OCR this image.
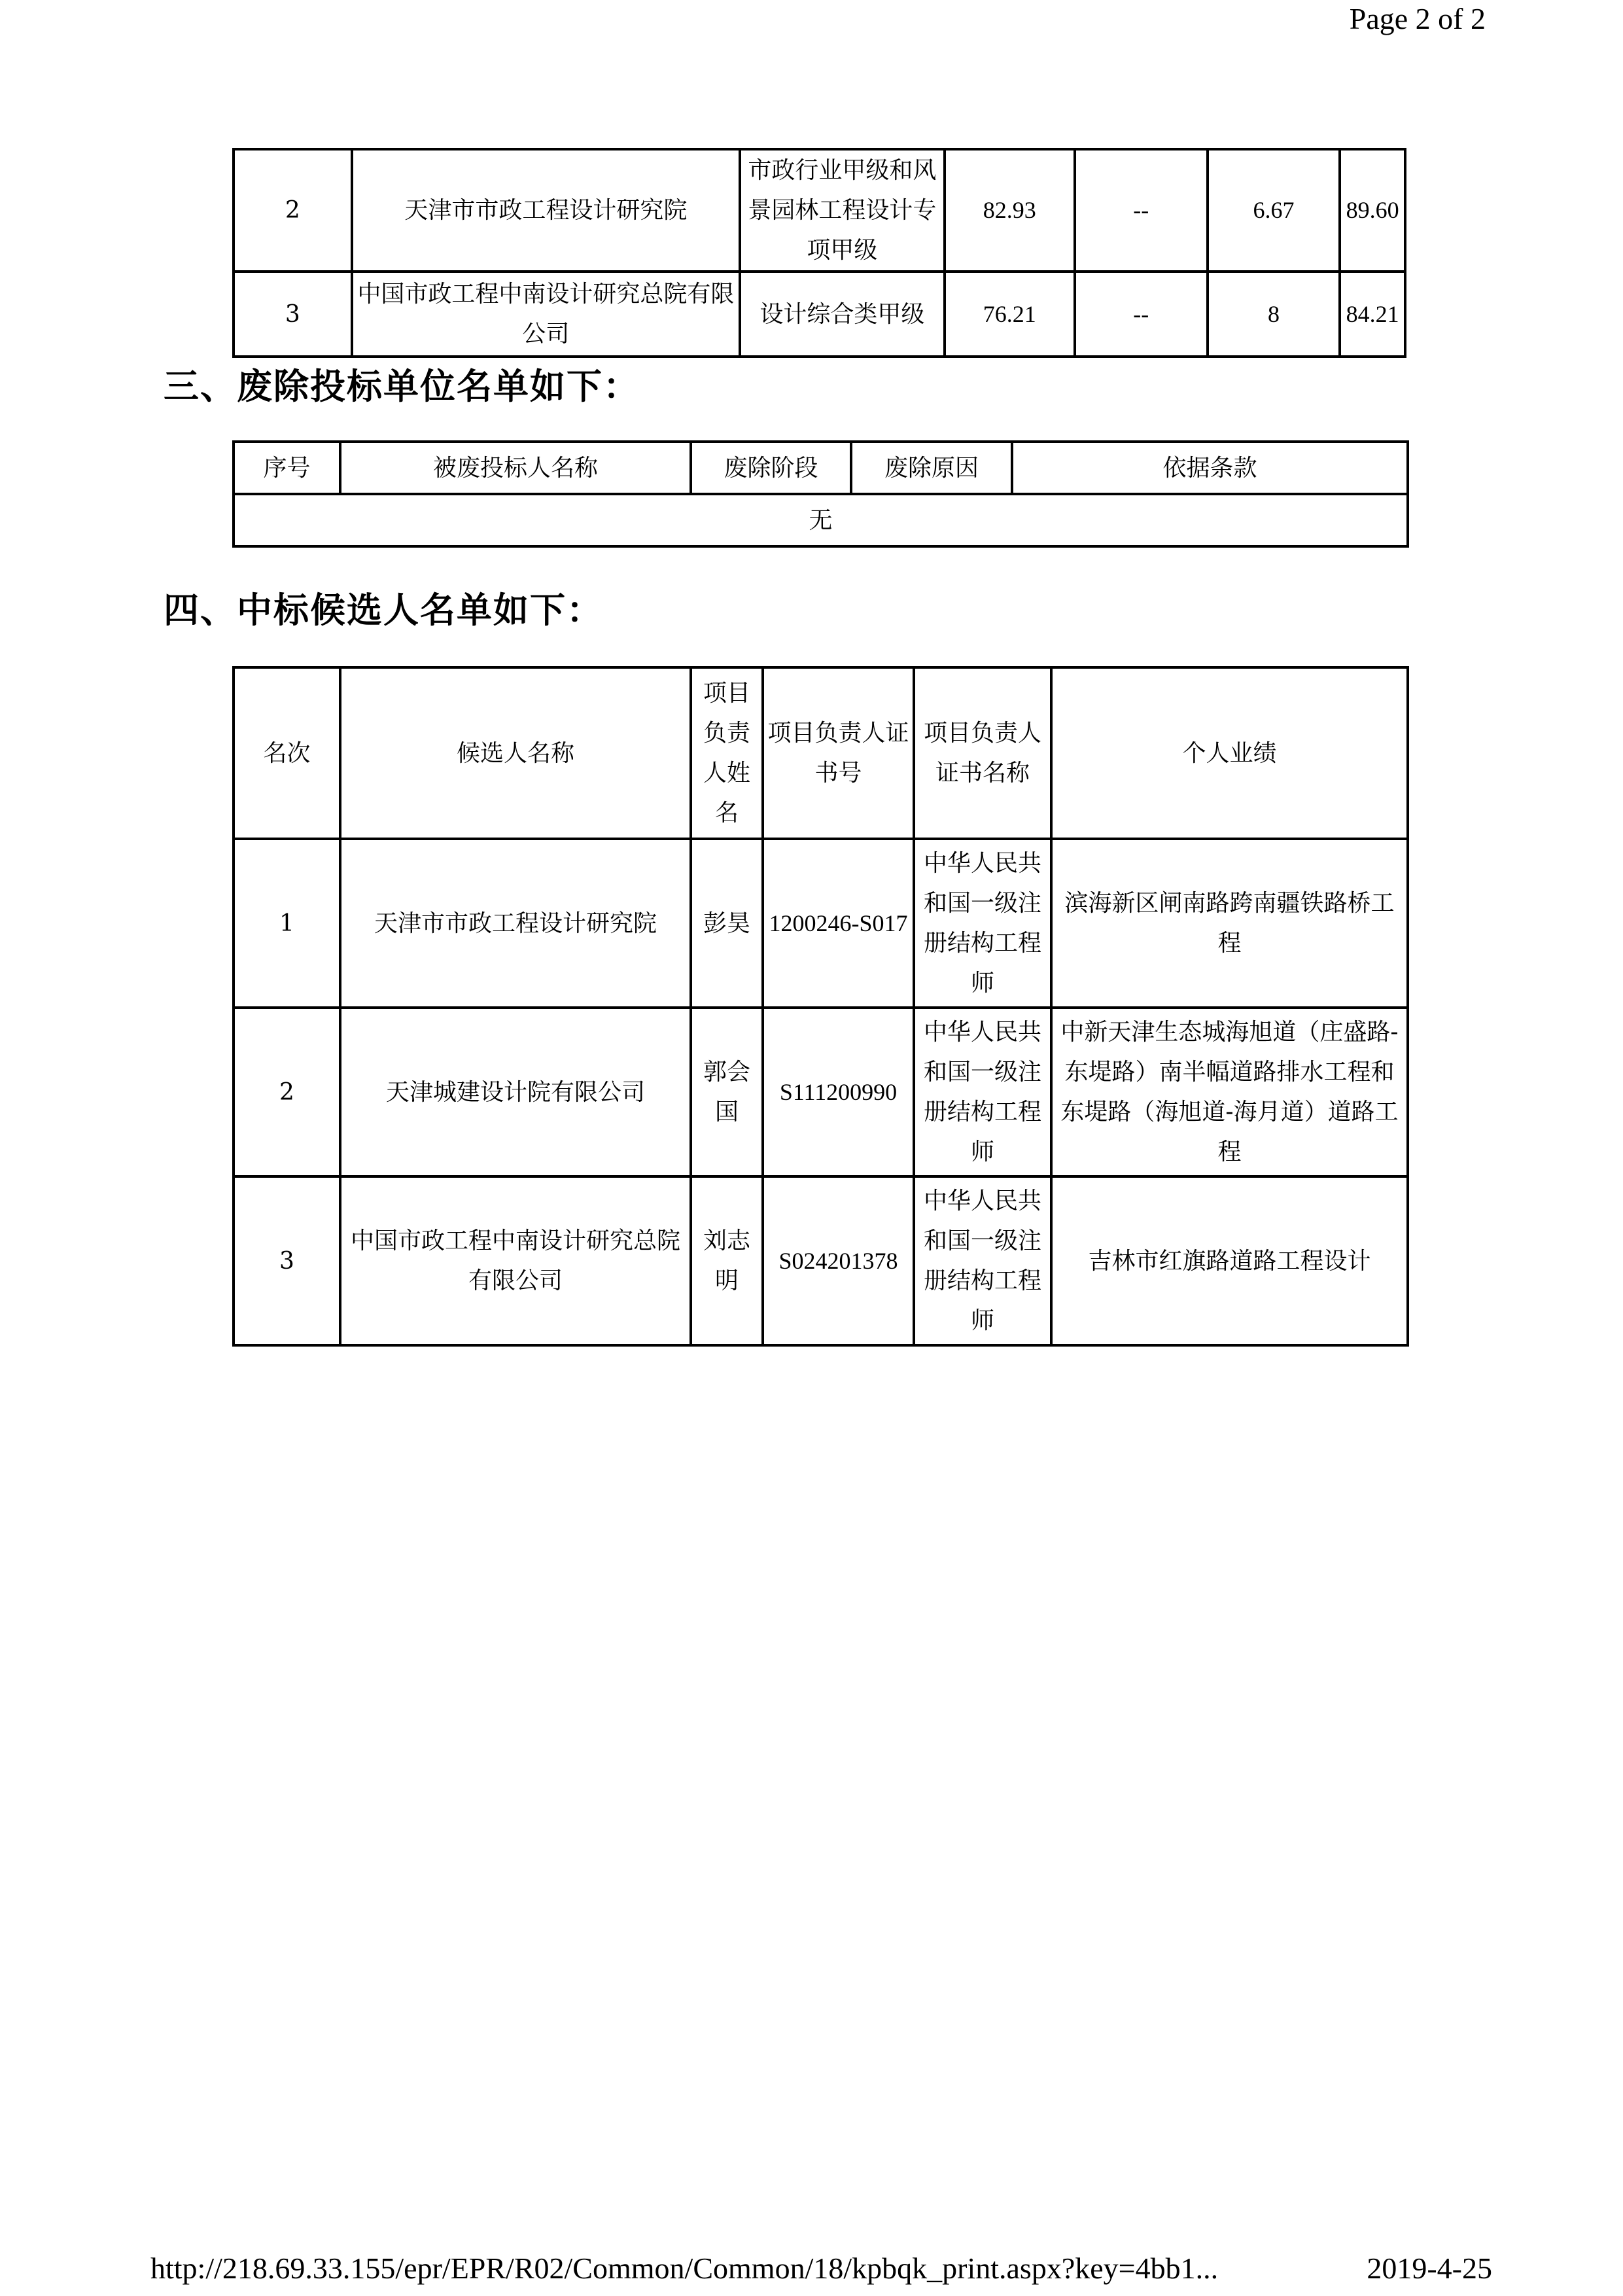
Page 2 of 2
2	天津市市政工程设计研究院	市政行业甲级和风景园林工程设计专项甲级	82.93	--	6.67	89.60
3	中国市政工程中南设计研究总院有限公司	设计综合类甲级	76.21	--	8	84.21
三、废除投标单位名单如下：
序号	被废投标人名称	废除阶段	废除原因	依据条款
无
四、中标候选人名单如下：
名次	候选人名称	项目负责人姓名	项目负责人证书号	项目负责人证书名称	个人业绩
1	天津市市政工程设计研究院	彭昊	1200246-S017	中华人民共和国一级注册结构工程师	滨海新区闸南路跨南疆铁路桥工程
2	天津城建设计院有限公司	郭会国	S111200990	中华人民共和国一级注册结构工程师	中新天津生态城海旭道（庄盛路-东堤路）南半幅道路排水工程和东堤路（海旭道-海月道）道路工程
3	中国市政工程中南设计研究总院有限公司	刘志明	S024201378	中华人民共和国一级注册结构工程师	吉林市红旗路道路工程设计
http://218.69.33.155/epr/EPR/R02/Common/Common/18/kpbqk_print.aspx?key=4bb1...	2019-4-25
